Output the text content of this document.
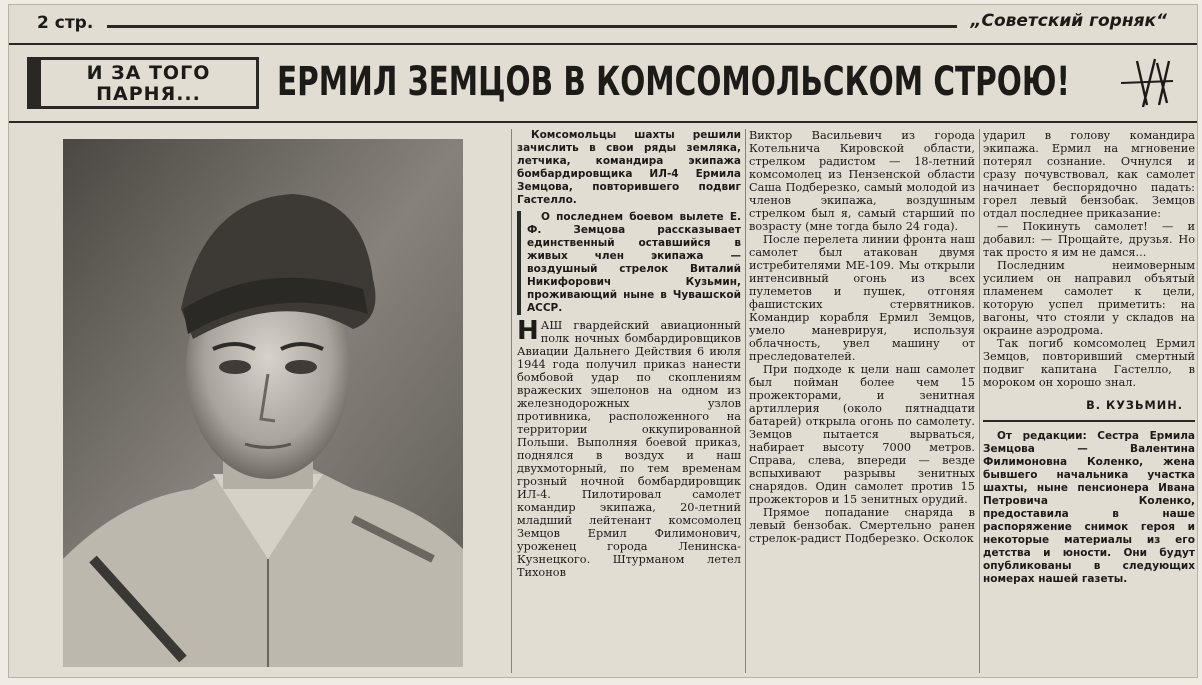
2 стр.	„Советский горняк“
И ЗА ТОГО
ПАРНЯ...	ЕРМИЛ ЗЕМЦОВ В КОМСОМОЛЬСКОМ СТРОЮ!

Комсомольцы шахты решили зачислить в свои ряды земляка, летчика, командира экипажа бомбардировщика ИЛ-4 Ермила Земцова, повторившего подвиг Гастелло.

О последнем боевом вылете Е. Ф. Земцова рассказывает единственный оставшийся в живых член экипажа — воздушный стрелок Виталий Никифорович Кузьмин, проживающий ныне в Чувашской АССР.

Н АШ гвардейский авиационный полк ночных бомбардировщиков Авиации Дальнего Действия 6 июля 1944 года получил приказ нанести бомбовой удар по скоплениям вражеских эшелонов на одном из железнодорожных узлов противника, расположенного на территории оккупированной Польши. Выполняя боевой приказ, поднялся в воздух и наш двухмоторный, по тем временам грозный ночной бомбардировщик ИЛ-4. Пилотировал самолет командир экипажа, 20-летний младший лейтенант комсомолец Земцов Ермил Филимонович, уроженец города Ленинска-Кузнецкого. Штурманом летел Тихонов

Виктор Васильевич из города Котельнича Кировской области, стрелком радистом — 18-летний комсомолец из Пензенской области Саша Подберезко, самый молодой из членов экипажа, воздушным стрелком был я, самый старший по возрасту (мне тогда было 24 года).

После перелета линии фронта наш самолет был атакован двумя истребителями МЕ-109. Мы открыли интенсивный огонь из всех пулеметов и пушек, отгоняя фашистских стервятников. Командир корабля Ермил Земцов, умело маневрируя, используя облачность, увел машину от преследователей.

При подходе к цели наш самолет был пойман более чем 15 прожекторами, и зенитная артиллерия (около пятнадцати батарей) открыла огонь по самолету. Земцов пытается вырваться, набирает высоту 7000 метров. Справа, слева, впереди — везде вспыхивают разрывы зенитных снарядов. Один самолет против 15 прожекторов и 15 зенитных орудий.

Прямое попадание снаряда в левый бензобак. Смертельно ранен стрелок-радист Подберезко. Осколок

ударил в голову командира экипажа. Ермил на мгновение потерял сознание. Очнулся и сразу почувствовал, как самолет начинает беспорядочно падать: горел левый бензобак. Земцов отдал последнее приказание:

— Покинуть самолет! — и добавил: — Прощайте, друзья. Но так просто я им не дамся...

Последним неимоверным усилием он направил объятый пламенем самолет к цели, которую успел приметить: на вагоны, что стояли у складов на окраине аэродрома.

Так погиб комсомолец Ермил Земцов, повторивший смертный подвиг капитана Гастелло, в мороком он хорошо знал.

В. КУЗЬМИН.

От редакции: Сестра Ермила Земцова — Валентина Филимоновна Коленко, жена бывшего начальника участка шахты, ныне пенсионера Ивана Петровича Коленко, предоставила в наше распоряжение снимок героя и некоторые материалы из его детства и юности. Они будут опубликованы в следующих номерах нашей газеты.
